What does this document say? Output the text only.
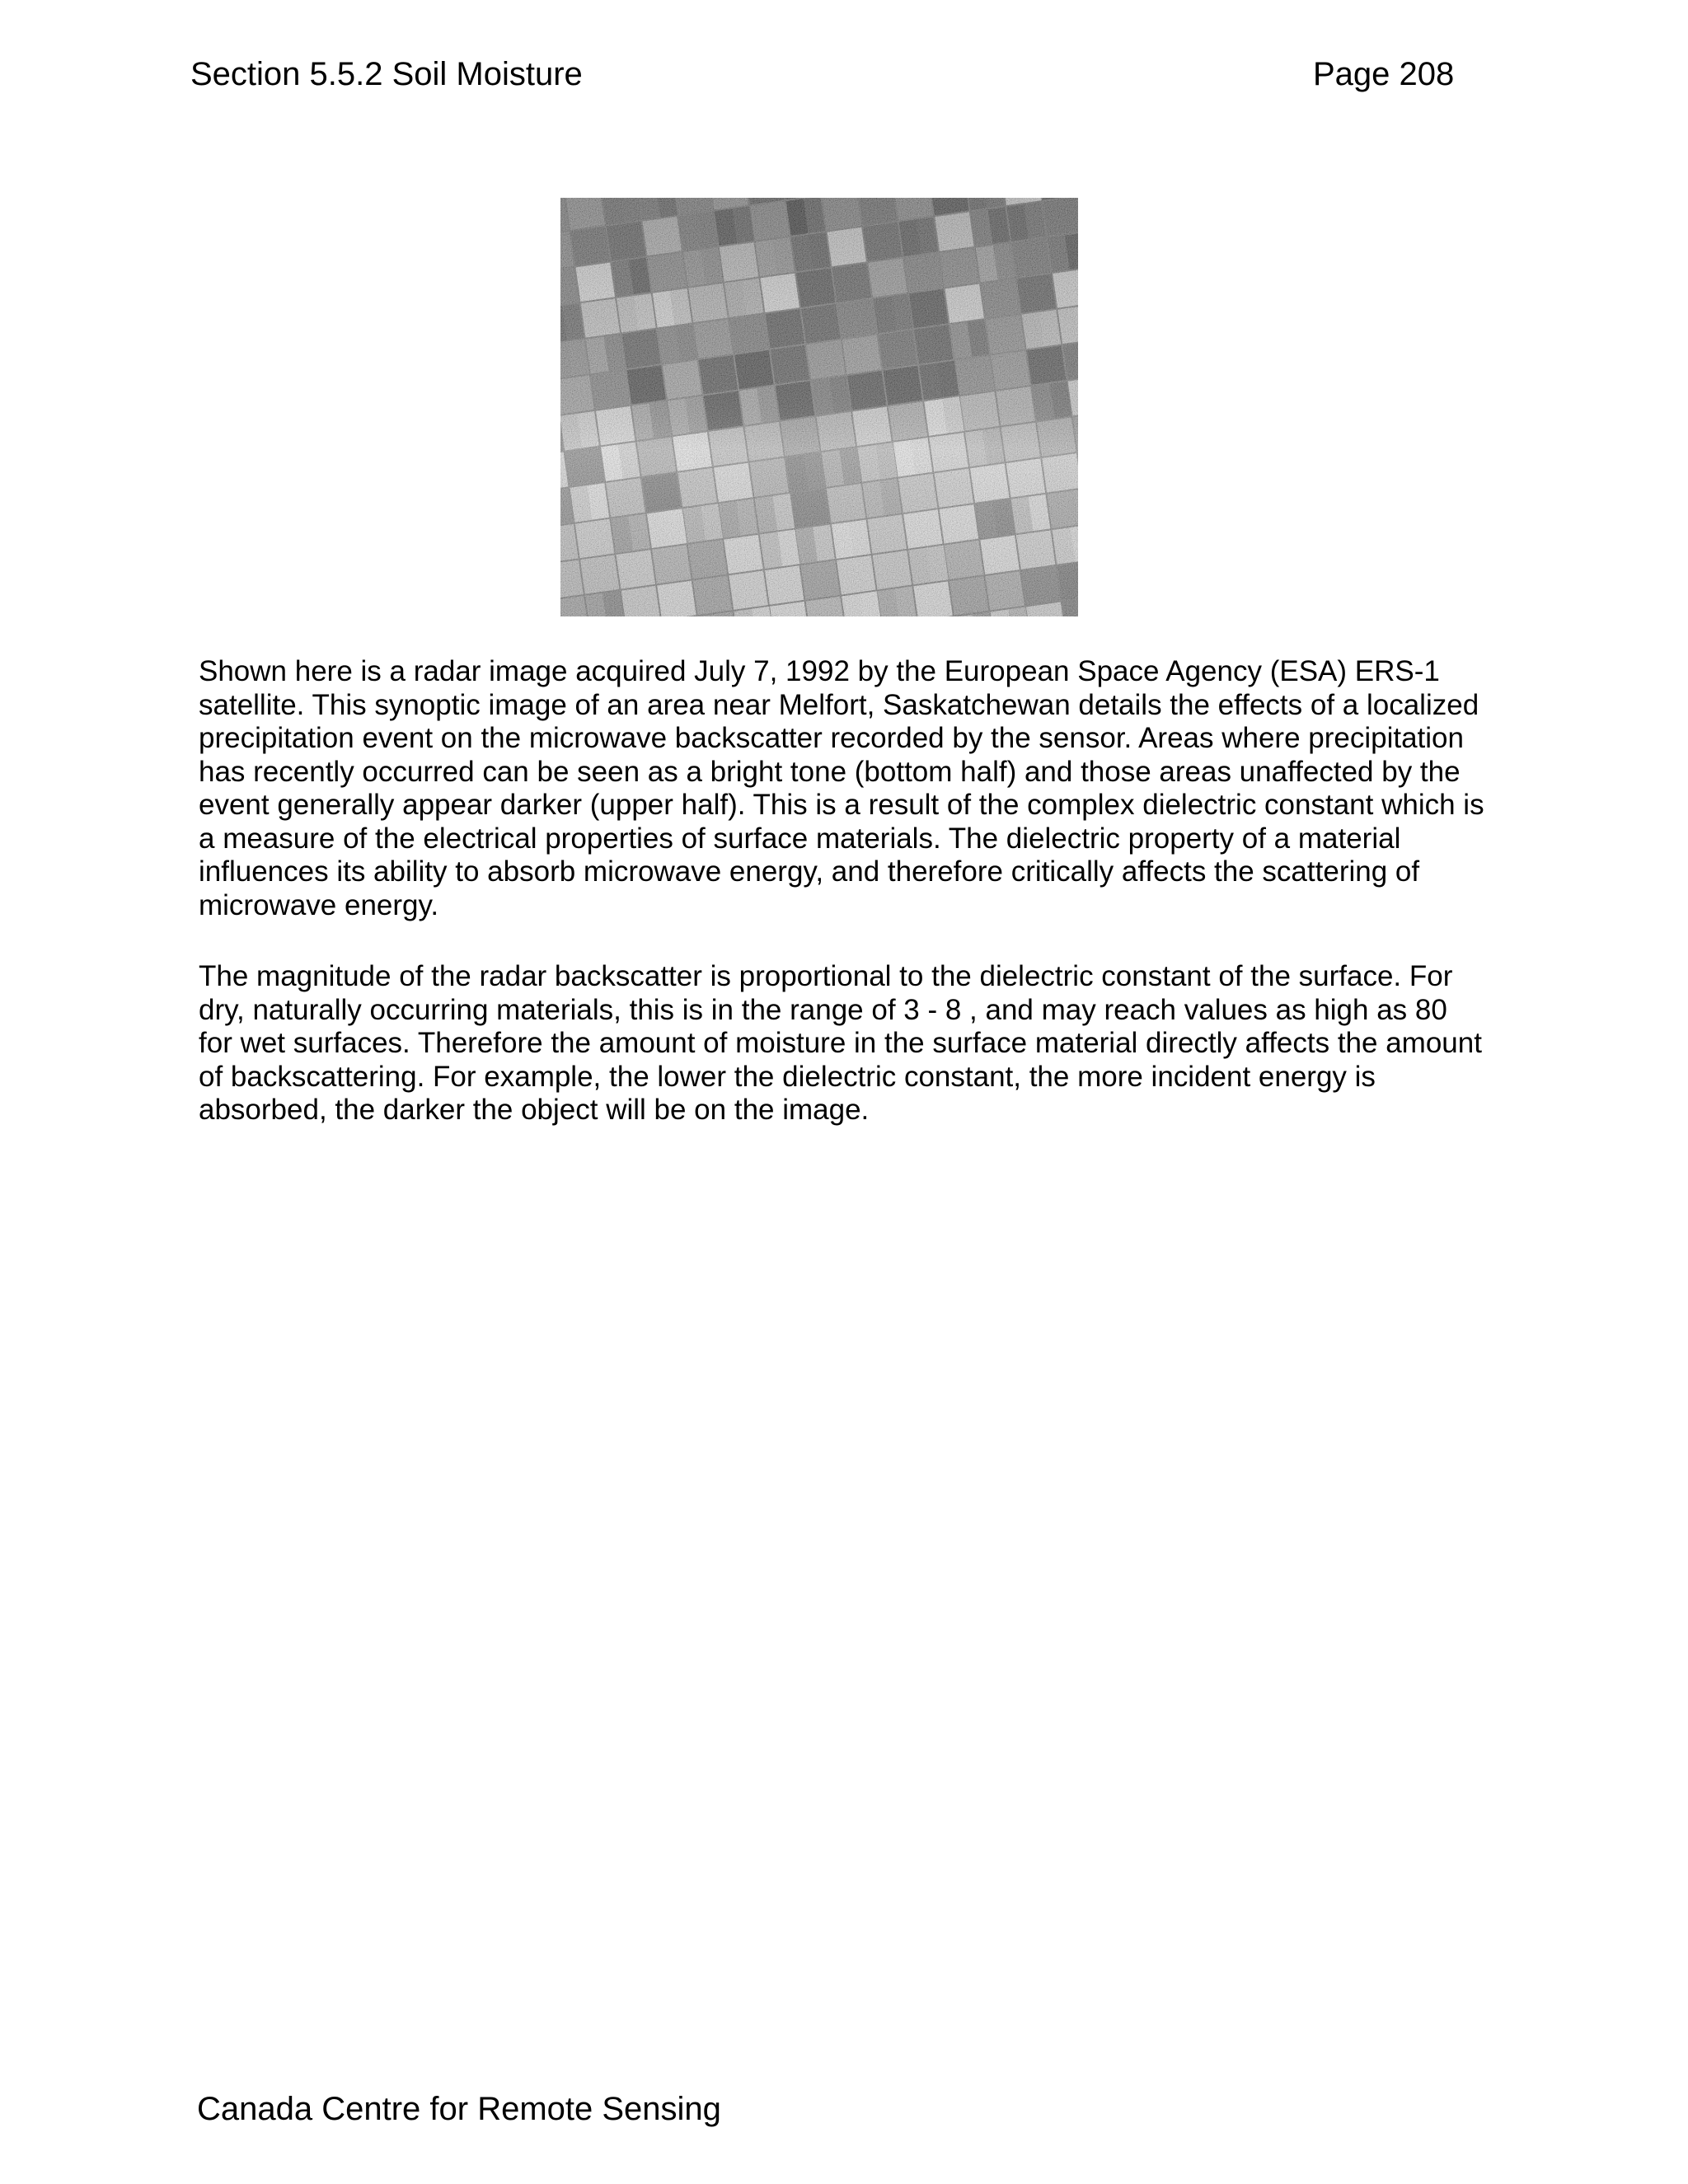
Section 5.5.2 Soil Moisture	Page 208

Shown here is a radar image acquired July 7, 1992 by the European Space Agency (ESA) ERS-1 satellite. This synoptic image of an area near Melfort, Saskatchewan details the effects of a localized precipitation event on the microwave backscatter recorded by the sensor. Areas where precipitation has recently occurred can be seen as a bright tone (bottom half) and those areas unaffected by the event generally appear darker (upper half). This is a result of the complex dielectric constant which is a measure of the electrical properties of surface materials. The dielectric property of a material influences its ability to absorb microwave energy, and therefore critically affects the scattering of microwave energy.

The magnitude of the radar backscatter is proportional to the dielectric constant of the surface. For dry, naturally occurring materials, this is in the range of 3 - 8 , and may reach values as high as 80 for wet surfaces. Therefore the amount of moisture in the surface material directly affects the amount of backscattering. For example, the lower the dielectric constant, the more incident energy is absorbed, the darker the object will be on the image.

Canada Centre for Remote Sensing
